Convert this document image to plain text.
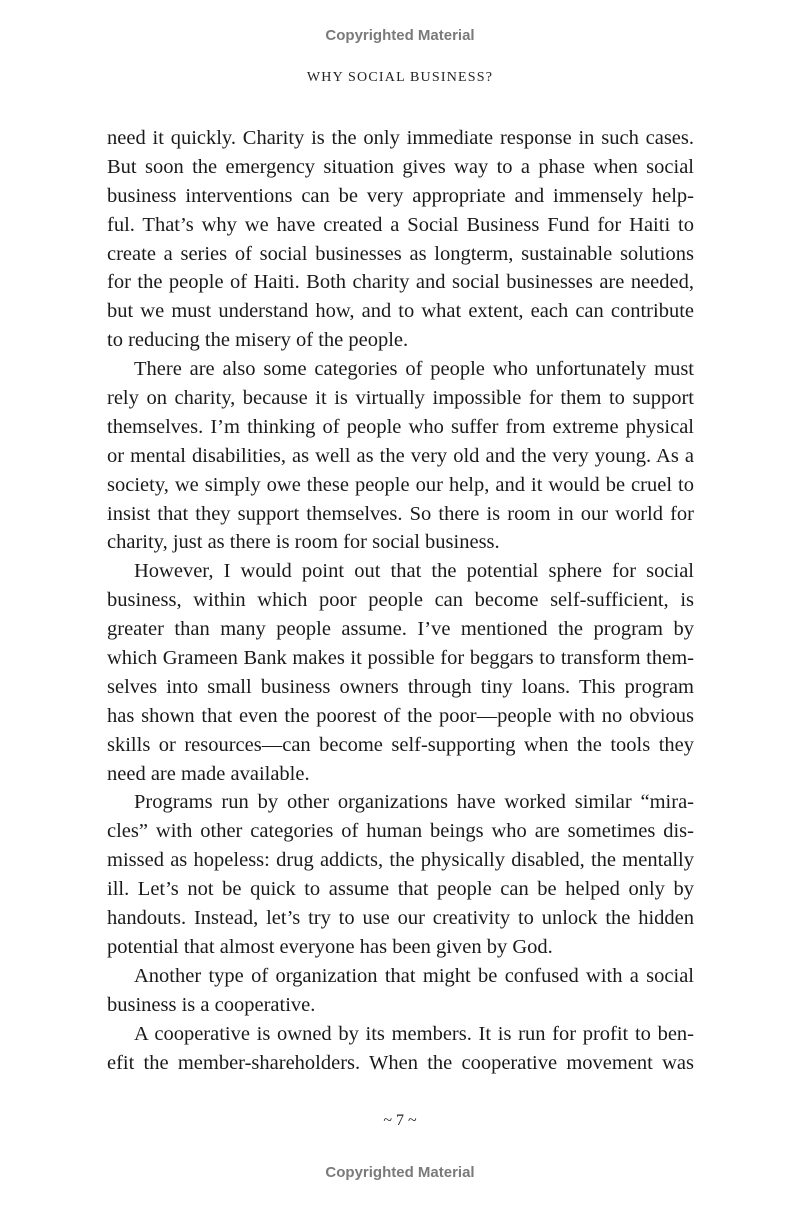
Copyrighted Material
WHY SOCIAL BUSINESS?
need it quickly. Charity is the only immediate response in such cases.
But soon the emergency situation gives way to a phase when social
business interventions can be very appropriate and immensely help-
ful. That’s why we have created a Social Business Fund for Haiti to
create a series of social businesses as longterm, sustainable solutions
for the people of Haiti. Both charity and social businesses are needed,
but we must understand how, and to what extent, each can contribute
to reducing the misery of the people.
There are also some categories of people who unfortunately must
rely on charity, because it is virtually impossible for them to support
themselves. I’m thinking of people who suffer from extreme physical
or mental disabilities, as well as the very old and the very young. As a
society, we simply owe these people our help, and it would be cruel to
insist that they support themselves. So there is room in our world for
charity, just as there is room for social business.
However, I would point out that the potential sphere for social
business, within which poor people can become self-sufficient, is
greater than many people assume. I’ve mentioned the program by
which Grameen Bank makes it possible for beggars to transform them-
selves into small business owners through tiny loans. This program
has shown that even the poorest of the poor—people with no obvious
skills or resources—can become self-supporting when the tools they
need are made available.
Programs run by other organizations have worked similar “mira-
cles” with other categories of human beings who are sometimes dis-
missed as hopeless: drug addicts, the physically disabled, the mentally
ill. Let’s not be quick to assume that people can be helped only by
handouts. Instead, let’s try to use our creativity to unlock the hidden
potential that almost everyone has been given by God.
Another type of organization that might be confused with a social
business is a cooperative.
A cooperative is owned by its members. It is run for profit to ben-
efit the member-shareholders. When the cooperative movement was
~ 7 ~
Copyrighted Material
